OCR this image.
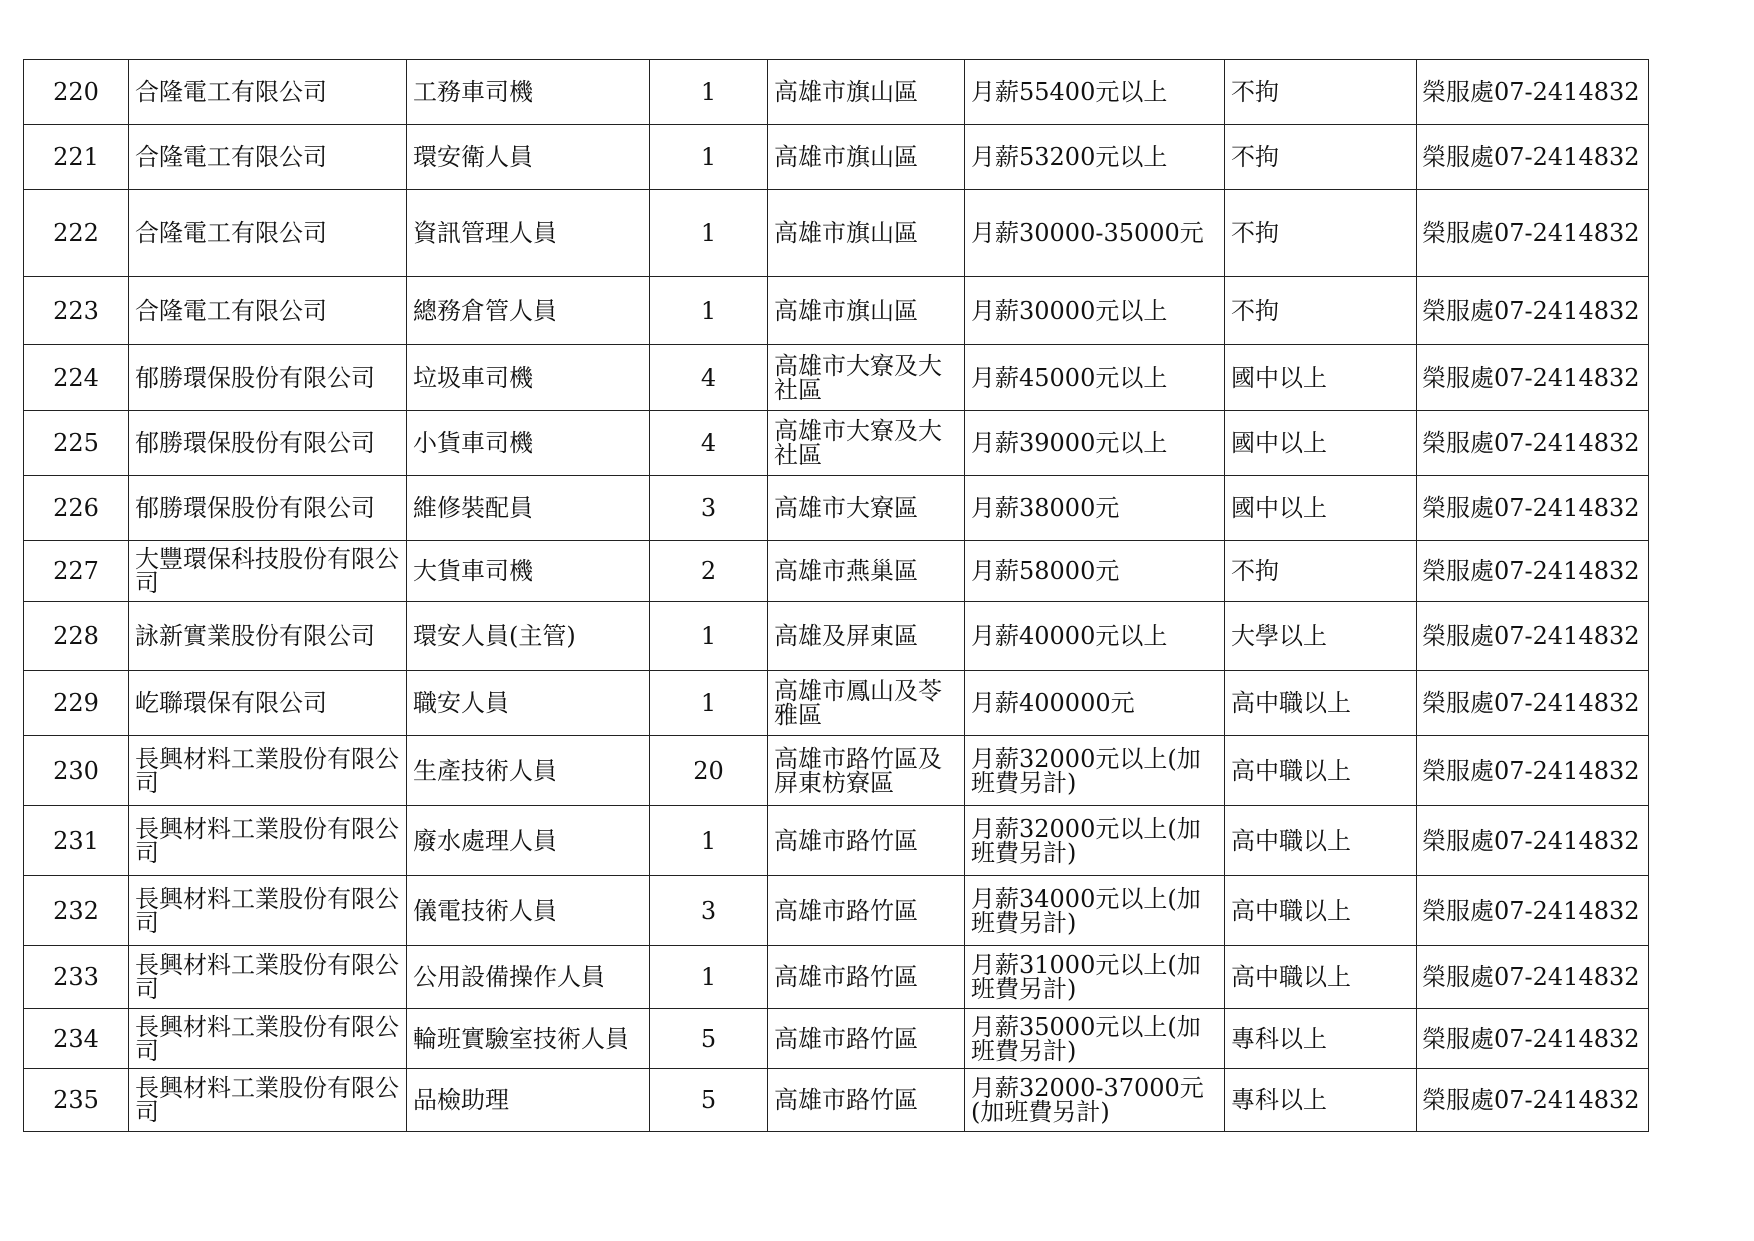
220	合隆電工有限公司	工務車司機	1	高雄市旗山區	月薪55400元以上	不拘	榮服處07-2414832
221	合隆電工有限公司	環安衛人員	1	高雄市旗山區	月薪53200元以上	不拘	榮服處07-2414832
222	合隆電工有限公司	資訊管理人員	1	高雄市旗山區	月薪30000-35000元	不拘	榮服處07-2414832
223	合隆電工有限公司	總務倉管人員	1	高雄市旗山區	月薪30000元以上	不拘	榮服處07-2414832
224	郁勝環保股份有限公司	垃圾車司機	4	高雄市大寮及大社區	月薪45000元以上	國中以上	榮服處07-2414832
225	郁勝環保股份有限公司	小貨車司機	4	高雄市大寮及大社區	月薪39000元以上	國中以上	榮服處07-2414832
226	郁勝環保股份有限公司	維修裝配員	3	高雄市大寮區	月薪38000元	國中以上	榮服處07-2414832
227	大豐環保科技股份有限公司	大貨車司機	2	高雄市燕巢區	月薪58000元	不拘	榮服處07-2414832
228	詠新實業股份有限公司	環安人員(主管)	1	高雄及屏東區	月薪40000元以上	大學以上	榮服處07-2414832
229	屹聯環保有限公司	職安人員	1	高雄市鳳山及苓雅區	月薪400000元	高中職以上	榮服處07-2414832
230	長興材料工業股份有限公司	生產技術人員	20	高雄市路竹區及屏東枋寮區	月薪32000元以上(加班費另計)	高中職以上	榮服處07-2414832
231	長興材料工業股份有限公司	廢水處理人員	1	高雄市路竹區	月薪32000元以上(加班費另計)	高中職以上	榮服處07-2414832
232	長興材料工業股份有限公司	儀電技術人員	3	高雄市路竹區	月薪34000元以上(加班費另計)	高中職以上	榮服處07-2414832
233	長興材料工業股份有限公司	公用設備操作人員	1	高雄市路竹區	月薪31000元以上(加班費另計)	高中職以上	榮服處07-2414832
234	長興材料工業股份有限公司	輪班實驗室技術人員	5	高雄市路竹區	月薪35000元以上(加班費另計)	專科以上	榮服處07-2414832
235	長興材料工業股份有限公司	品檢助理	5	高雄市路竹區	月薪32000-37000元(加班費另計)	專科以上	榮服處07-2414832
